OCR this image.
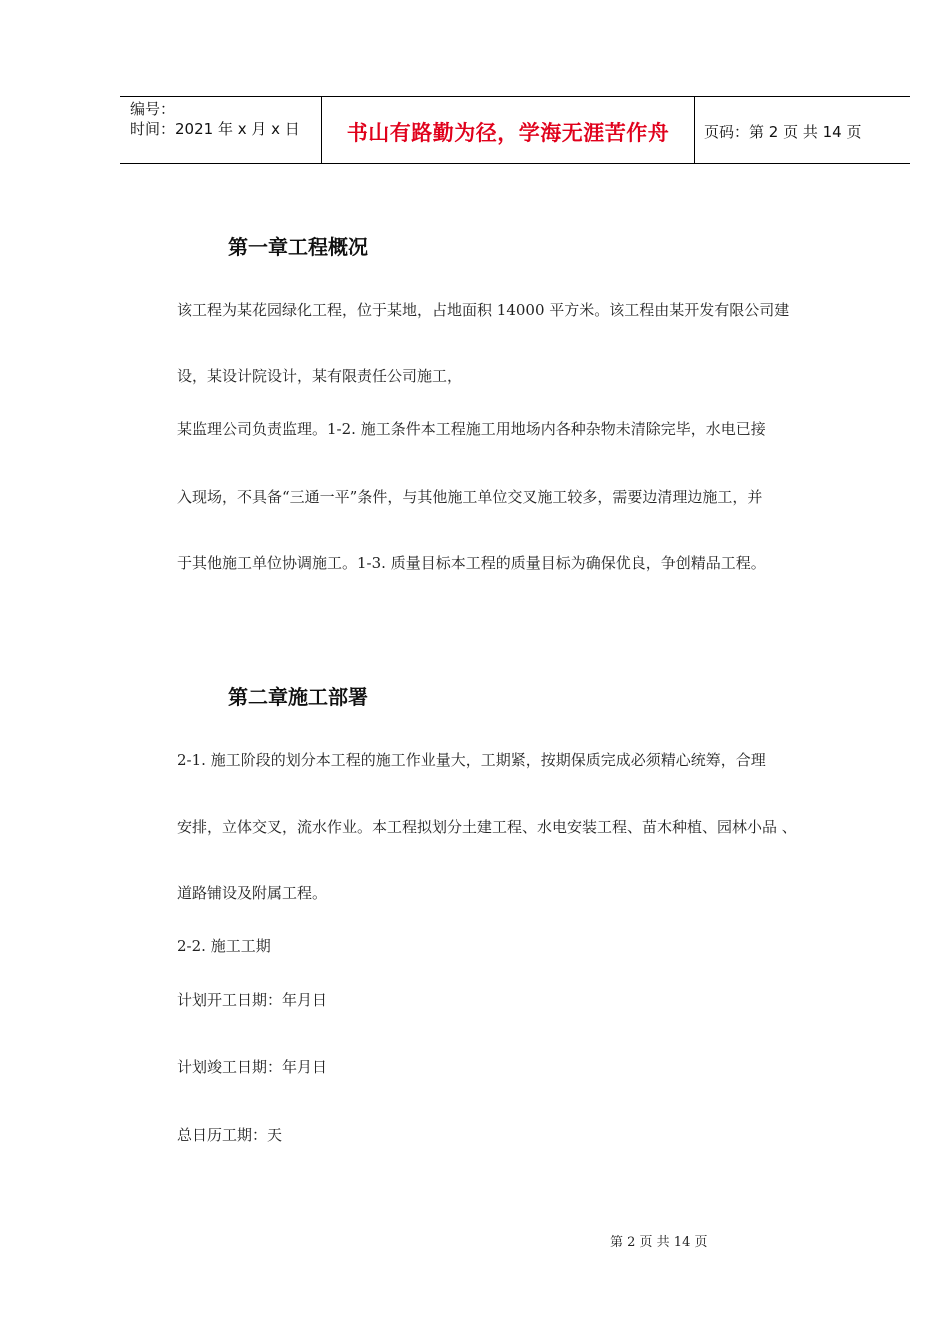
编号：
时间：2021 年 x 月 x 日	书山有路勤为径，学海无涯苦作舟	页码：第 2 页 共 14 页
第一章工程概况
该工程为某花园绿化工程，位于某地，占地面积 14000 平方米。该工程由某开发有限公司建
设，某设计院设计，某有限责任公司施工，
某监理公司负责监理。1-2. 施工条件本工程施工用地场内各种杂物未清除完毕，水电已接
入现场，不具备“三通一平”条件，与其他施工单位交叉施工较多，需要边清理边施工，并
于其他施工单位协调施工。1-3. 质量目标本工程的质量目标为确保优良，争创精品工程。
第二章施工部署
2-1. 施工阶段的划分本工程的施工作业量大，工期紧，按期保质完成必须精心统筹，合理
安排，立体交叉，流水作业。本工程拟划分土建工程、水电安装工程、苗木种植、园林小品 、
道路铺设及附属工程。
2-2. 施工工期
计划开工日期：年月日
计划竣工日期：年月日
总日历工期：天
第 2 页 共 14 页
